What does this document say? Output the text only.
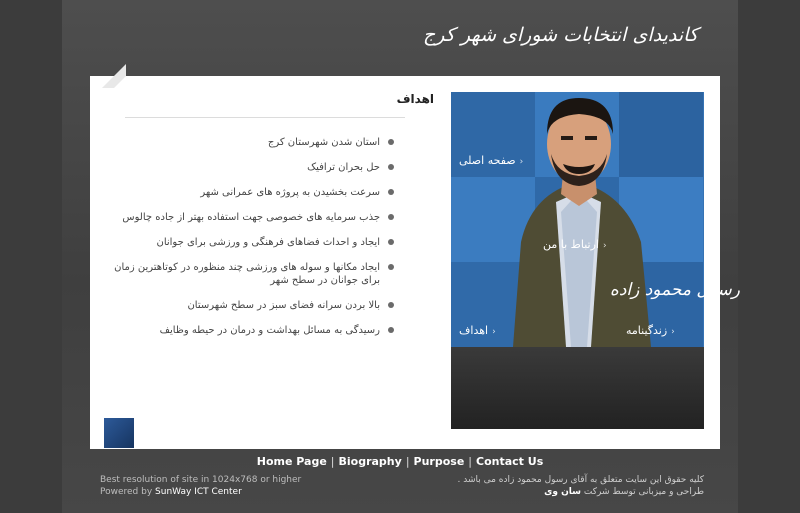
کاندیدای انتخابات شورای شهر کرج
اهداف
استان شدن شهرستان کرج
حل بحران ترافیک
سرعت بخشیدن به پروژه های عمرانی شهر
جذب سرمایه های خصوصی جهت استفاده بهتر از جاده چالوس
ایجاد و احداث فضاهای فرهنگی و ورزشی برای جوانان
ایجاد مکانها و سوله های ورزشی چند منظوره در کوتاهترین زمان برای جوانان در سطح شهر
بالا بردن سرانه فضای سبز در سطح شهرستان
رسیدگی به مسائل بهداشت و درمان در حیطه وظایف
‹صفحه اصلی
‹ارتباط با من
‹زندگینامه
‹اهداف
رسول محمود زاده
Home Page | Biography | Purpose | Contact Us
Best resolution of site in 1024x768 or higher
Powered by SunWay ICT Center
کلیه حقوق این سایت متعلق به آقای رسول محمود زاده می باشد .
طراحی و میزبانی توسط شرکت سان وی
